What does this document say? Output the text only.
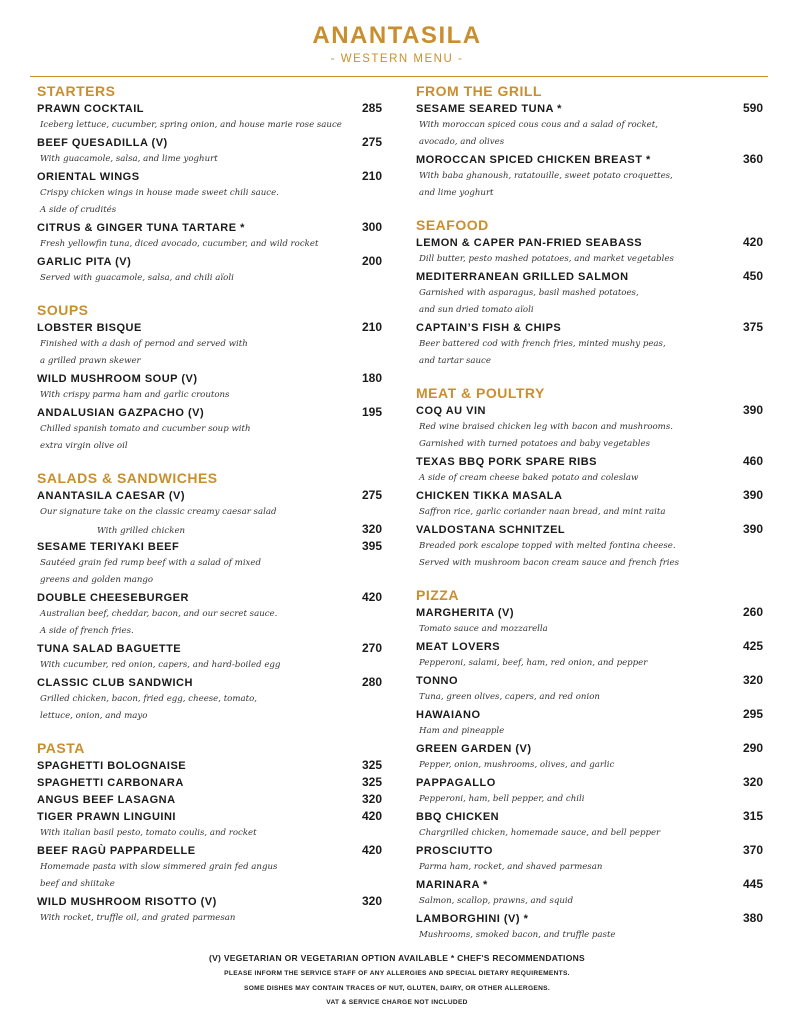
ANANTASILA
- WESTERN MENU -
STARTERS
PRAWN COCKTAIL	285
Iceberg lettuce, cucumber, spring onion, and house marie rose sauce
BEEF QUESADILLA (V)	275
With guacamole, salsa, and lime yoghurt
ORIENTAL WINGS	210
Crispy chicken wings in house made sweet chili sauce.
A side of crudités
CITRUS & GINGER TUNA TARTARE *	300
Fresh yellowfin tuna, diced avocado, cucumber, and wild rocket
GARLIC PITA (V)	200
Served with guacamole, salsa, and chili aïoli
SOUPS
LOBSTER BISQUE	210
Finished with a dash of pernod and served with
a grilled prawn skewer
WILD MUSHROOM SOUP (V)	180
With crispy parma ham and garlic croutons
ANDALUSIAN GAZPACHO (V)	195
Chilled spanish tomato and cucumber soup with
extra virgin olive oil
SALADS & SANDWICHES
ANANTASILA CAESAR (V)	275
Our signature take on the classic creamy caesar salad
With grilled chicken	320
SESAME TERIYAKI BEEF	395
Sautéed grain fed rump beef with a salad of mixed
greens and golden mango
DOUBLE CHEESEBURGER	420
Australian beef, cheddar, bacon, and our secret sauce.
A side of french fries.
TUNA SALAD BAGUETTE	270
With cucumber, red onion, capers, and hard-boiled egg
CLASSIC CLUB SANDWICH	280
Grilled chicken, bacon, fried egg, cheese, tomato,
lettuce, onion, and mayo
PASTA
SPAGHETTI BOLOGNAISE	325
SPAGHETTI CARBONARA	325
ANGUS BEEF LASAGNA	320
TIGER PRAWN LINGUINI	420
With italian basil pesto, tomato coulis, and rocket
BEEF RAGÙ PAPPARDELLE	420
Homemade pasta with slow simmered grain fed angus
beef and shiitake
WILD MUSHROOM RISOTTO (V)	320
With rocket, truffle oil, and grated parmesan
FROM THE GRILL
SESAME SEARED TUNA *	590
With moroccan spiced cous cous and a salad of rocket,
avocado, and olives
MOROCCAN SPICED CHICKEN BREAST *	360
With baba ghanoush, ratatouille, sweet potato croquettes,
and lime yoghurt
SEAFOOD
LEMON & CAPER PAN-FRIED SEABASS	420
Dill butter, pesto mashed potatoes, and market vegetables
MEDITERRANEAN GRILLED SALMON	450
Garnished with asparagus, basil mashed potatoes,
and sun dried tomato aïoli
CAPTAIN’S FISH & CHIPS	375
Beer battered cod with french fries, minted mushy peas,
and tartar sauce
MEAT & POULTRY
COQ AU VIN	390
Red wine braised chicken leg with bacon and mushrooms.
Garnished with turned potatoes and baby vegetables
TEXAS BBQ PORK SPARE RIBS	460
A side of cream cheese baked potato and coleslaw
CHICKEN TIKKA MASALA	390
Saffron rice, garlic coriander naan bread, and mint raita
VALDOSTANA SCHNITZEL	390
Breaded pork escalope topped with melted fontina cheese.
Served with mushroom bacon cream sauce and french fries
PIZZA
MARGHERITA (V)	260
Tomato sauce and mozzarella
MEAT LOVERS	425
Pepperoni, salami, beef, ham, red onion, and pepper
TONNO	320
Tuna, green olives, capers, and red onion
HAWAIANO	295
Ham and pineapple
GREEN GARDEN (V)	290
Pepper, onion, mushrooms, olives, and garlic
PAPPAGALLO	320
Pepperoni, ham, bell pepper, and chili
BBQ CHICKEN	315
Chargrilled chicken, homemade sauce, and bell pepper
PROSCIUTTO	370
Parma ham, rocket, and shaved parmesan
MARINARA *	445
Salmon, scallop, prawns, and squid
LAMBORGHINI (V) *	380
Mushrooms, smoked bacon, and truffle paste
(V) VEGETARIAN OR VEGETARIAN OPTION AVAILABLE * CHEF'S RECOMMENDATIONS
PLEASE INFORM THE SERVICE STAFF OF ANY ALLERGIES AND SPECIAL DIETARY REQUIREMENTS.
SOME DISHES MAY CONTAIN TRACES OF NUT, GLUTEN, DAIRY, OR OTHER ALLERGENS.
VAT & SERVICE CHARGE NOT INCLUDED
